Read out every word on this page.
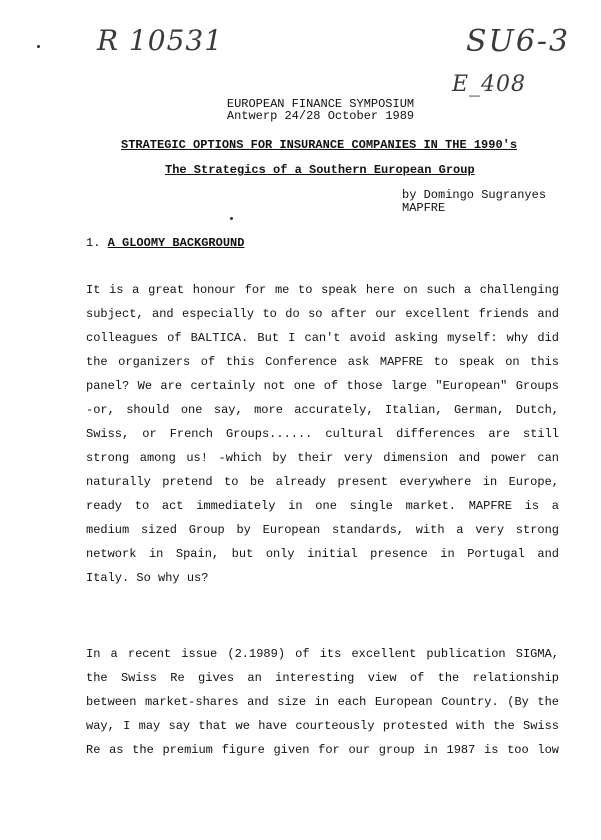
R 10531	SU6-3
E_408
EUROPEAN FINANCE SYMPOSIUM
Antwerp 24/28 October 1989
STRATEGIC OPTIONS FOR INSURANCE COMPANIES IN THE 1990's
The Strategics of a Southern European Group
by Domingo Sugranyes
MAPFRE
1. A GLOOMY BACKGROUND
It is a great honour for me to speak here on such a challenging
subject, and especially to do so after our excellent friends and
colleagues of BALTICA. But I can't avoid asking myself: why did
the organizers of this Conference ask MAPFRE to speak on this
panel? We are certainly not one of those large "European" Groups
-or, should one say, more accurately, Italian, German, Dutch,
Swiss, or French Groups...... cultural differences are still
strong among us! -which by their very dimension and power can
naturally pretend to be already present everywhere in Europe,
ready to act immediately in one single market. MAPFRE is a
medium sized Group by European standards, with a very strong
network in Spain, but only initial presence in Portugal and
Italy. So why us?
In a recent issue (2.1989) of its excellent publication SIGMA,
the Swiss Re gives an interesting view of the relationship
between market-shares and size in each European Country. (By the
way, I may say that we have courteously protested with the Swiss
Re as the premium figure given for our group in 1987 is too low
